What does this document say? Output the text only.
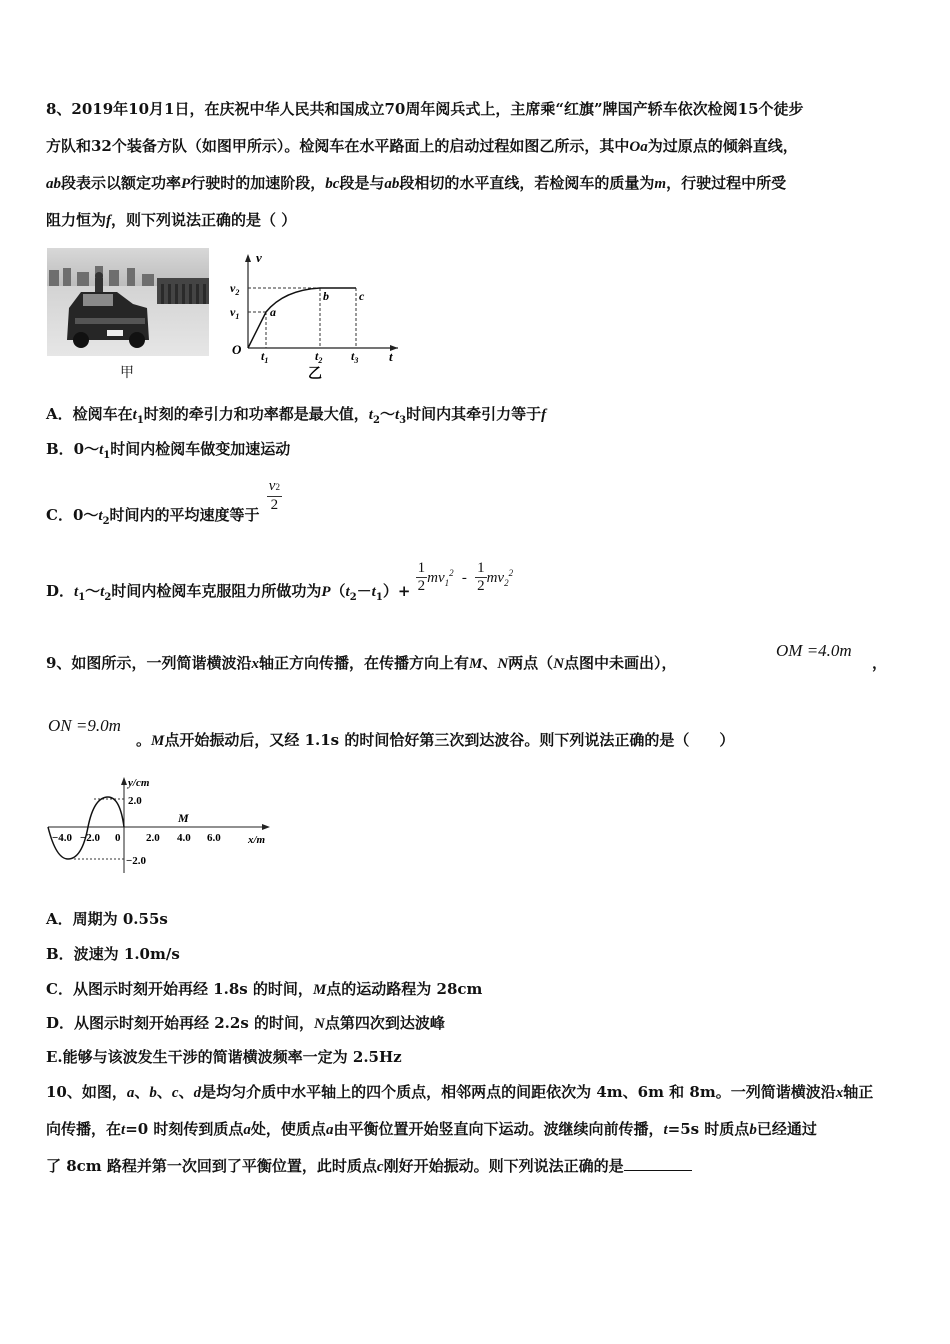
8、2019年10月1日，在庆祝中华人民共和国成立70周年阅兵式上，主席乘“红旗”牌国产轿车依次检阅15个徒步
方队和32个装备方队（如图甲所示）。检阅车在水平路面上的启动过程如图乙所示，其中Oa为过原点的倾斜直线，
ab段表示以额定功率P行驶时的加速阶段，bc段是与ab段相切的水平直线，若检阅车的质量为m，行驶过程中所受
阻力恒为f，则下列说法正确的是（ ）
甲
v
t
O
$v_2$
$v_1$	a
b	c
$t_1$	$t_2$ $t_3$
乙
A．检阅车在$t_1$时刻的牵引力和功率都是最大值，$t_2\sim t_3$时间内其牵引力等于f
B．$0\sim t_1$时间内检阅车做变加速运动
C．$0\sim t_2$时间内的平均速度等于
$\frac{v2}{2}$
D．$t_1\sim t_2$时间内检阅车克服阻力所做功为$P(t_2-t_1)+ \frac{1}{2} mv_1^2 - \frac{1}{2} mv_2^2$
9、如图所示，一列简谐横波沿x轴正方向传播，在传播方向上有M、N两点（N点图中未画出），
OM =4.0m
，
ON =9.0m
。M点开始振动后，又经 1.1s 的时间恰好第三次到达波谷。则下列说法正确的是（　　）
y/cm
x/m
2.0
−2.0
−4.0 −2.0 0 2.0 4.0 6.0
M
A．周期为 0.55s
B．波速为 1.0m/s
C．从图示时刻开始再经 1.8s 的时间，M点的运动路程为 28cm
D．从图示时刻开始再经 2.2s 的时间，N点第四次到达波峰
E.能够与该波发生干涉的简谐横波频率一定为 2.5Hz
10、如图，a、b、c、d是均匀介质中水平轴上的四个质点，相邻两点的间距依次为 4m、6m 和 8m。一列简谐横波沿x轴正
向传播，在t=0 时刻传到质点a处，使质点a由平衡位置开始竖直向下运动。波继续向前传播，t=5s 时质点b已经通过
了 8cm 路程并第一次回到了平衡位置，此时质点c刚好开始振动。则下列说法正确的是
